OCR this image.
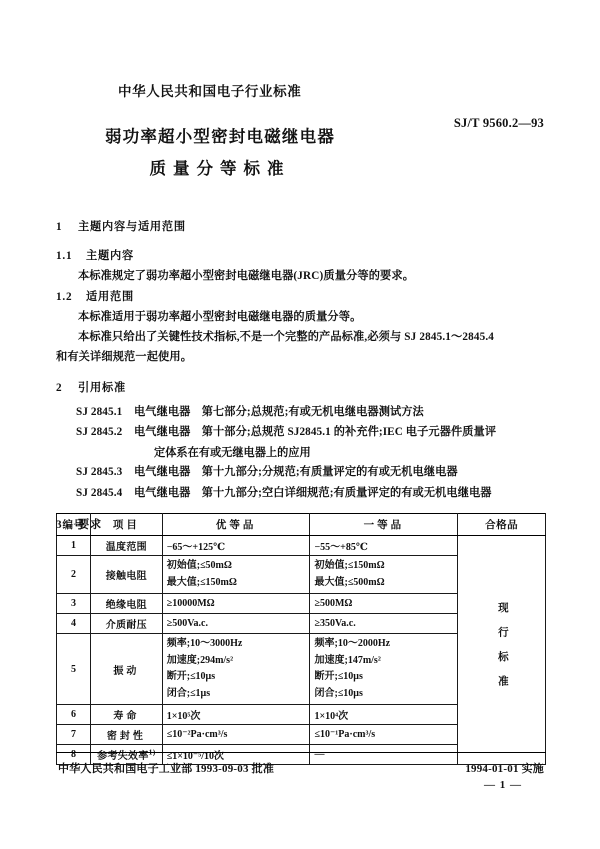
中华人民共和国电子行业标准
SJ/T 9560.2—93
弱功率超小型密封电磁继电器
质量分等标准
1 主题内容与适用范围
1.1 主题内容

本标准规定了弱功率超小型密封电磁继电器(JRC)质量分等的要求。

1.2 适用范围

本标准适用于弱功率超小型密封电磁继电器的质量分等。

本标准只给出了关键性技术指标,不是一个完整的产品标准,必须与 SJ 2845.1～2845.4

和有关详细规范一起使用。

2 引用标准
SJ 2845.1	电气继电器　第七部分;总规范;有或无机电继电器测试方法
SJ 2845.2	电气继电器　第十部分;总规范 SJ2845.1 的补充件;IEC 电子元器件质量评
定体系在有或无继电器上的应用
SJ 2845.3	电气继电器　第十九部分;分规范;有质量评定的有或无机电继电器
SJ 2845.4	电气继电器　第十九部分;空白详细规范;有质量评定的有或无机电继电器
3 要求
编号	项目	优等品	一等品	合格品
1	温度范围	−65～+125℃	−55～+85℃	现行标准
2	接触电阻	
初始值;≤50mΩ
最大值;≤150mΩ

初始值;≤150mΩ
最大值;≤500mΩ

3	绝缘电阻	≥10000MΩ	≥500MΩ	
4	介质耐压	≥500Va.c.	≥350Va.c.	
5	振动	
频率;10～3000Hz
加速度;294m/s²
断开;≤10μs
闭合;≤1μs

频率;10～2000Hz
加速度;147m/s²
断开;≤10μs
闭合;≤10μs

6	寿命	1×10⁵次	1×10⁴次	
7	密封性	≤10⁻²Pa·cm³/s	≤10⁻¹Pa·cm³/s	
8	参考失效率$^{1)}$	≤1×10⁻⁵/10次	—	
中华人民共和国电子工业部 1993-09-03 批准	1994-01-01 实施
— 1 —
